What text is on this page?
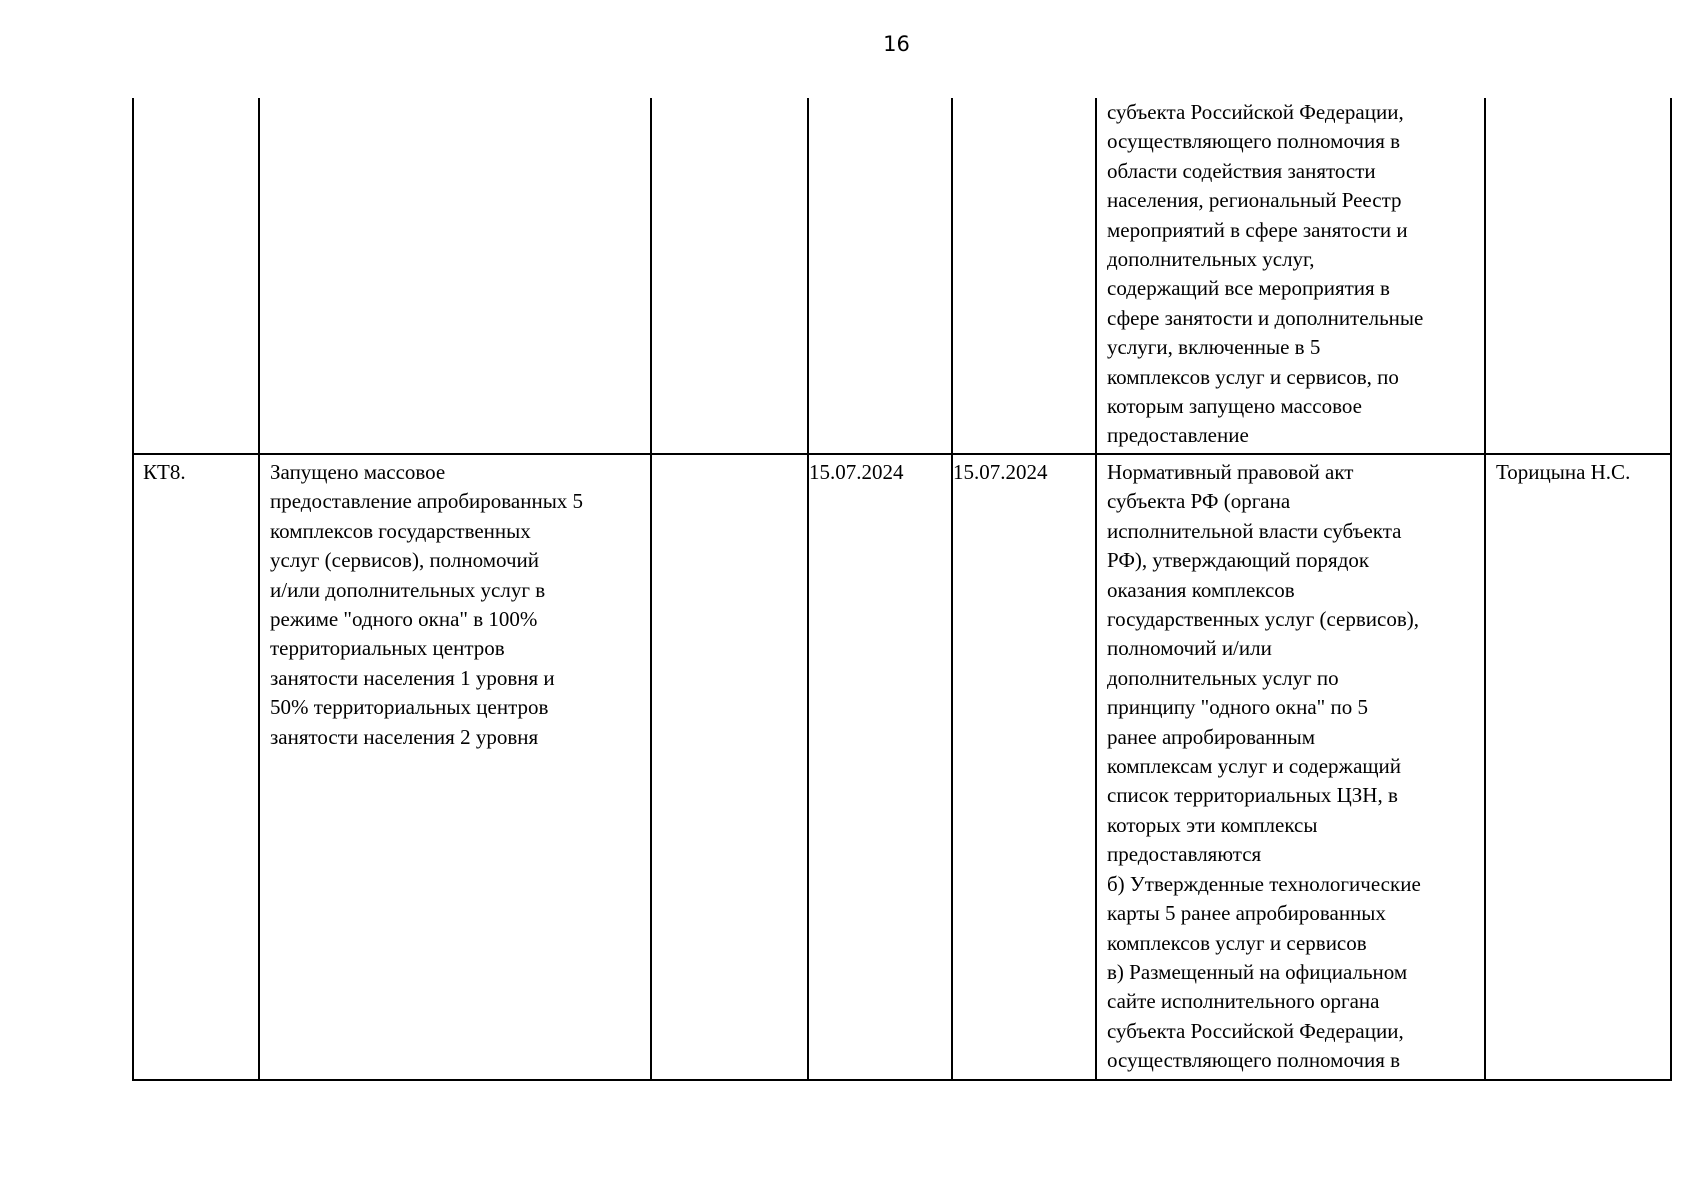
16
субъекта Российской Федерации,
осуществляющего полномочия в
области содействия занятости
населения, региональный Реестр
мероприятий в сфере занятости и
дополнительных услуг,
содержащий все мероприятия в
сфере занятости и дополнительные
услуги, включенные в 5
комплексов услуг и сервисов, по
которым запущено массовое
предоставление
КТ8.	Запущено массовое
предоставление апробированных 5
комплексов государственных
услуг (сервисов), полномочий
и/или дополнительных услуг в
режиме "одного окна" в 100%
территориальных центров
занятости населения 1 уровня и
50% территориальных центров
занятости населения 2 уровня
15.07.2024 15.07.2024	Нормативный правовой акт
субъекта РФ (органа
исполнительной власти субъекта
РФ), утверждающий порядок
оказания комплексов
государственных услуг (сервисов),
полномочий и/или
дополнительных услуг по
принципу "одного окна" по 5
ранее апробированным
комплексам услуг и содержащий
список территориальных ЦЗН, в
которых эти комплексы
предоставляются
б) Утвержденные технологические
карты 5 ранее апробированных
комплексов услуг и сервисов
в) Размещенный на официальном
сайте исполнительного органа
субъекта Российской Федерации,
осуществляющего полномочия в
Торицына Н.С.
